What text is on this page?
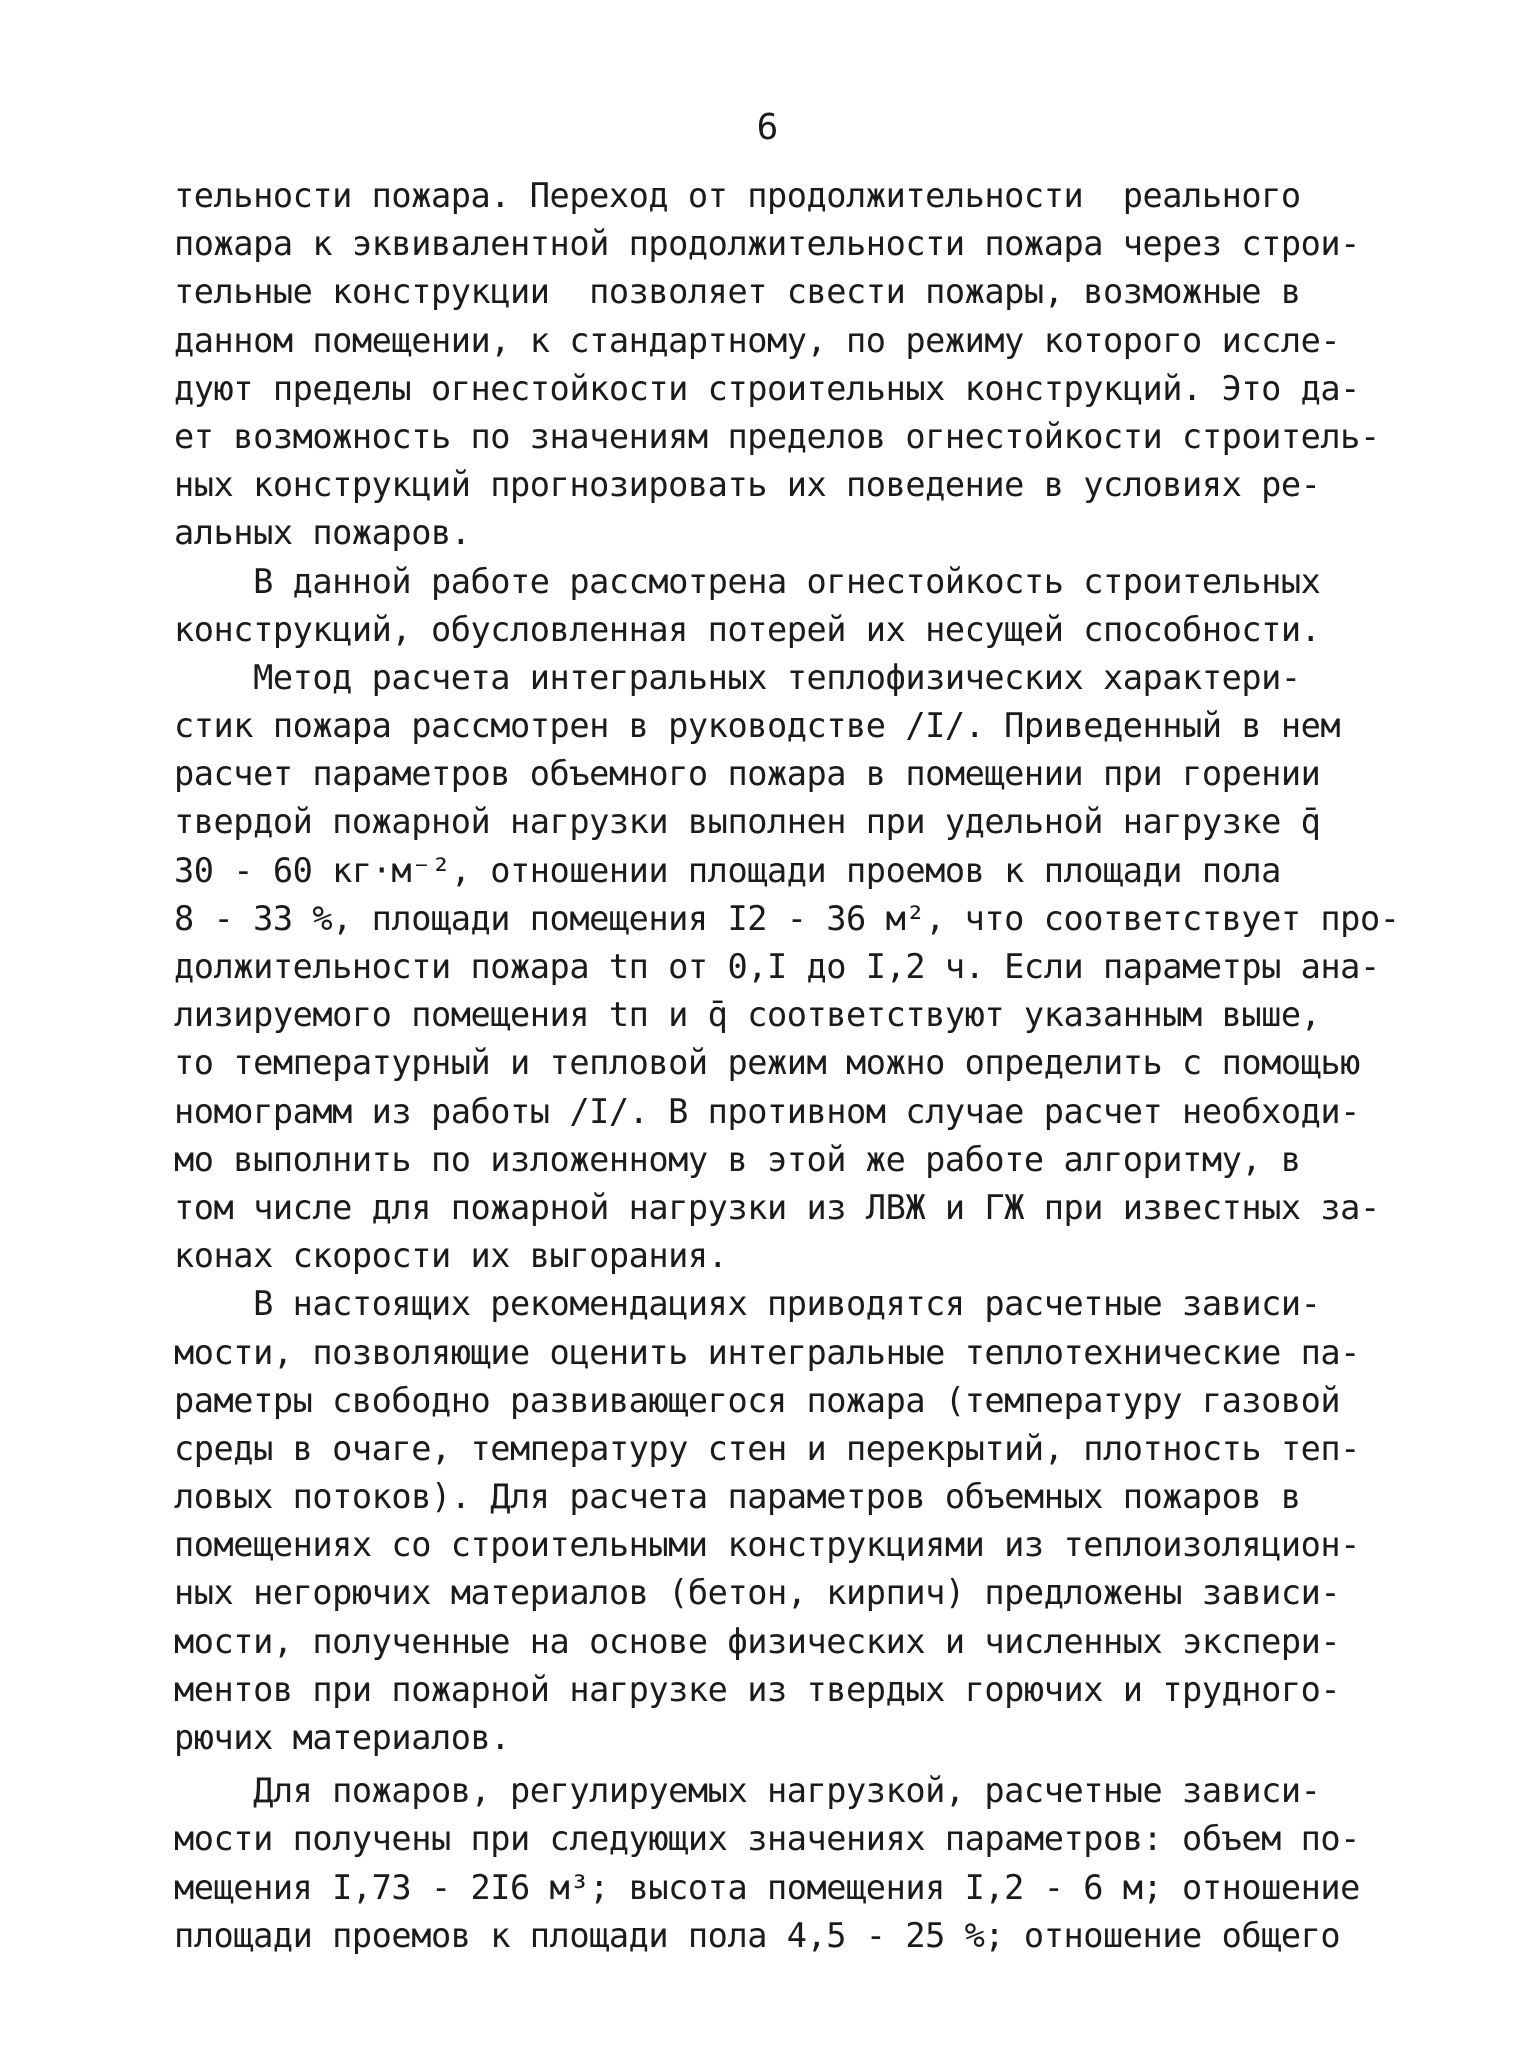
6
тельности пожара. Переход от продолжительности  реального
пожара к эквивалентной продолжительности пожара через строи-
тельные конструкции  позволяет свести пожары, возможные в
данном помещении, к стандартному, по режиму которого иссле-
дуют пределы огнестойкости строительных конструкций. Это да-
ет возможность по значениям пределов огнестойкости строитель-
ных конструкций прогнозировать их поведение в условиях ре-
альных пожаров.
В данной работе рассмотрена огнестойкость строительных
конструкций, обусловленная потерей их несущей способности.
Метод расчета интегральных теплофизических характери-
стик пожара рассмотрен в руководстве /I/. Приведенный в нем
расчет параметров объемного пожара в помещении при горении
твердой пожарной нагрузки выполнен при удельной нагрузке q̄
30 - 60 кг·м⁻², отношении площади проемов к площади пола
8 - 33 %, площади помещения I2 - 36 м², что соответствует про-
должительности пожара tп от 0,I до I,2 ч. Если параметры ана-
лизируемого помещения tп и q̄ соответствуют указанным выше,
то температурный и тепловой режим можно определить с помощью
номограмм из работы /I/. В противном случае расчет необходи-
мо выполнить по изложенному в этой же работе алгоритму, в
том числе для пожарной нагрузки из ЛВЖ и ГЖ при известных за-
конах скорости их выгорания.
В настоящих рекомендациях приводятся расчетные зависи-
мости, позволяющие оценить интегральные теплотехнические па-
раметры свободно развивающегося пожара (температуру газовой
среды в очаге, температуру стен и перекрытий, плотность теп-
ловых потоков). Для расчета параметров объемных пожаров в
помещениях со строительными конструкциями из теплоизоляцион-
ных негорючих материалов (бетон, кирпич) предложены зависи-
мости, полученные на основе физических и численных экспери-
ментов при пожарной нагрузке из твердых горючих и трудного-
рючих материалов.
Для пожаров, регулируемых нагрузкой, расчетные зависи-
мости получены при следующих значениях параметров: объем по-
мещения I,73 - 2I6 м³; высота помещения I,2 - 6 м; отношение
площади проемов к площади пола 4,5 - 25 %; отношение общего
